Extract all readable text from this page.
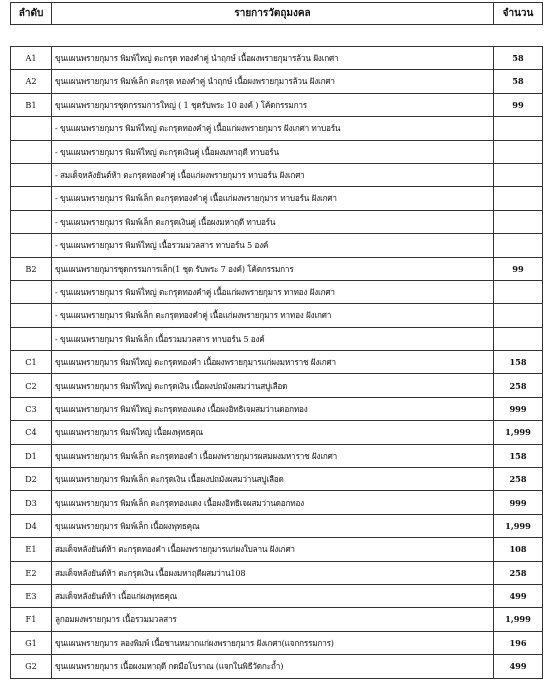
ลำดับ	รายการวัตถุมงคล	จำนวน
A1	ขุนแผนพรายกุมาร พิมพ์ใหญ่ ตะกรุด ทองคำคู่ นำฤกษ์ เนื้อผงพรายกุมารล้วน ฝังเกศา	58
A2	ขุนแผนพรายกุมาร พิมพ์เล็ก ตะกรุด ทองคำคู่ นำฤกษ์ เนื้อผงพรายกุมารล้วน ฝังเกศา	58
B1	ขุนแผนพรายกุมารชุดกรรมการใหญ่ ( 1 ชุดรับพระ 10 องค์ ) โค้ดกรรมการ	99
	- ขุนแผนพรายกุมาร พิมพ์ใหญ่ ตะกรุดทองคำคู่ เนื้อแก่ผงพรายกุมาร ฝังเกศา ทาบอร์น	
	- ขุนแผนพรายกุมาร พิมพ์ใหญ่ ตะกรุดเงินคู่ เนื้อผงมหาฤดี ทาบอร์น	
	- สมเด็จหลังยันต์ห้า ตะกรุดทองคำคู่ เนื้อแก่ผงพรายกุมาร ทาบอร์น ฝังเกศา	
	- ขุนแผนพรายกุมาร พิมพ์เล็ก ตะกรุดทองคำคู่ เนื้อแก่ผงพรายกุมาร ทาบอร์น ฝังเกศา	
	- ขุนแผนพรายกุมาร พิมพ์เล็ก ตะกรุดเงินคู่ เนื้อผงมหาฤดี ทาบอร์น	
	- ขุนแผนพรายกุมาร พิมพ์ใหญ่ เนื้อรวมมวลสาร ทาบอร์น 5 องค์	
B2	ขุนแผนพรายกุมารชุดกรรมการเล็ก(1 ชุด รับพระ 7 องค์) โค้ดกรรมการ	99
	- ขุนแผนพรายกุมาร พิมพ์ใหญ่ ตะกรุดทองคำคู่ เนื้อแก่ผงพรายกุมาร ทาทอง ฝังเกศา	
	- ขุนแผนพรายกุมาร พิมพ์เล็ก ตะกรุดทองคำคู่ เนื้อแก่ผงพรายกุมาร ทาทอง ฝังเกศา	
	- ขุนแผนพรายกุมาร พิมพ์เล็ก เนื้อรวมมวลสาร ทาบอร์น 5 องค์	
C1	ขุนแผนพรายกุมาร พิมพ์ใหญ่ ตะกรุดทองคำ เนื้อผงพรายกุมารแก่ผงมหาราช ฝังเกศา	158
C2	ขุนแผนพรายกุมาร พิมพ์ใหญ่ ตะกรุดเงิน เนื้อผงปถมังผสมว่านสบู่เลือด	258
C3	ขุนแผนพรายกุมาร พิมพ์ใหญ่ ตะกรุดทองแดง เนื้อผงอิทธิเจผสมว่านดอกทอง	999
C4	ขุนแผนพรายกุมาร พิมพ์ใหญ่ เนื้อผงพุทธคุณ	1,999
D1	ขุนแผนพรายกุมาร พิมพ์เล็ก ตะกรุดทองคำ เนื้อผงพรายกุมารผสมผงมหาราช ฝังเกศา	158
D2	ขุนแผนพรายกุมาร พิมพ์เล็ก ตะกรุดเงิน เนื้อผงปถมังผสมว่านสบู่เลือด	258
D3	ขุนแผนพรายกุมาร พิมพ์เล็ก ตะกรุดทองแดง เนื้อผงอิทธิเจผสมว่านดอกทอง	999
D4	ขุนแผนพรายกุมาร พิมพ์เล็ก เนื้อผงพุทธคุณ	1,999
E1	สมเด็จหลังยันต์ห้า ตะกรุดทองคำ เนื้อผงพรายกุมารแก่ผงใบลาน ฝังเกศา	108
E2	สมเด็จหลังยันต์ห้า ตะกรุดเงิน เนื้อผงมหาฤดีผสมว่าน108	258
E3	สมเด็จหลังยันต์ห้า เนื้อแก่ผงพุทธคุณ	499
F1	ลูกอมผงพรายกุมาร เนื้อรวมมวลสาร	1,999
G1	ขุนแผนพรายกุมาร ลองพิมพ์ เนื้อชานหมากแก่ผงพรายกุมาร ฝังเกศา(แจกกรรมการ)	196
G2	ขุนแผนพรายกุมาร เนื้อผงมหาฤดี กดมือโบราณ (แจกในพิธีวัดกะถ้ำ)	499
